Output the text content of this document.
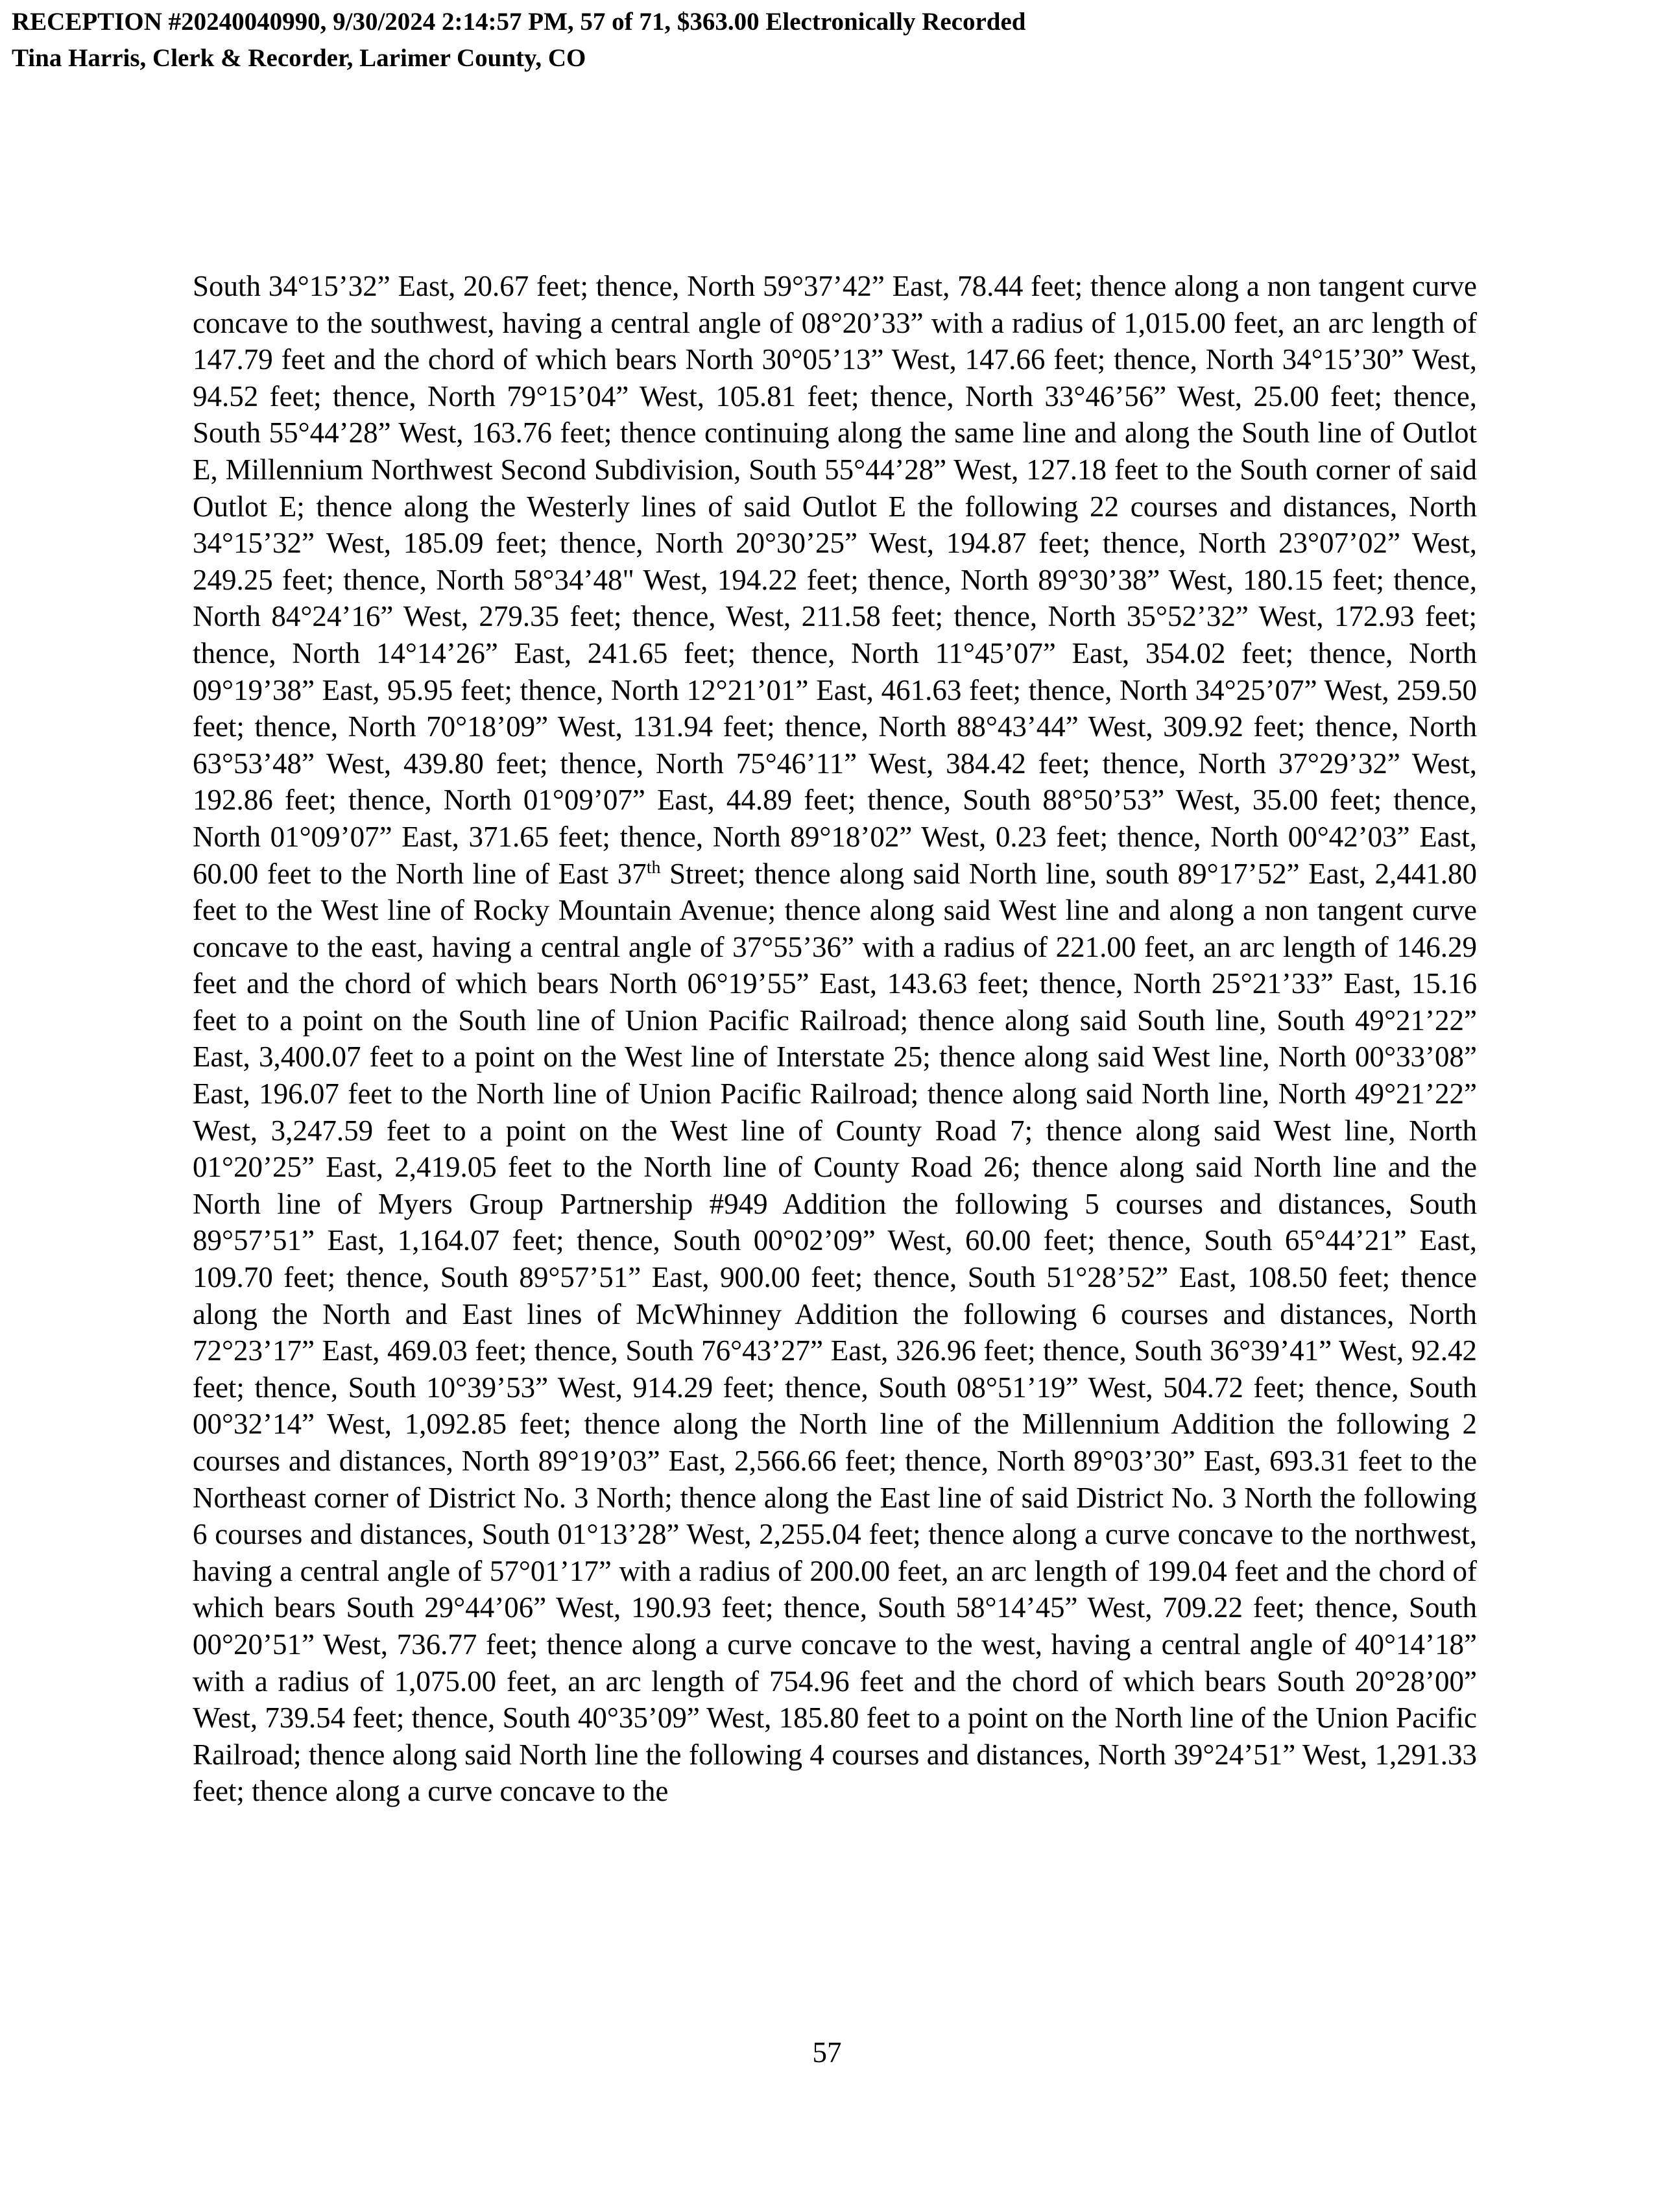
RECEPTION #20240040990, 9/30/2024 2:14:57 PM, 57 of 71, $363.00 Electronically Recorded
Tina Harris, Clerk & Recorder, Larimer County, CO

South 34°15’32” East, 20.67 feet; thence, North 59°37’42” East, 78.44 feet; thence along a non tangent curve concave to the southwest, having a central angle of 08°20’33” with a radius of 1,015.00 feet, an arc length of 147.79 feet and the chord of which bears North 30°05’13” West, 147.66 feet; thence, North 34°15’30” West, 94.52 feet; thence, North 79°15’04” West, 105.81 feet; thence, North 33°46’56” West, 25.00 feet; thence, South 55°44’28” West, 163.76 feet; thence continuing along the same line and along the South line of Outlot E, Millennium Northwest Second Subdivision, South 55°44’28” West, 127.18 feet to the South corner of said Outlot E; thence along the Westerly lines of said Outlot E the following 22 courses and distances, North 34°15’32” West, 185.09 feet; thence, North 20°30’25” West, 194.87 feet; thence, North 23°07’02” West, 249.25 feet; thence, North 58°34’48" West, 194.22 feet; thence, North 89°30’38” West, 180.15 feet; thence, North 84°24’16” West, 279.35 feet; thence, West, 211.58 feet; thence, North 35°52’32” West, 172.93 feet; thence, North 14°14’26” East, 241.65 feet; thence, North 11°45’07” East, 354.02 feet; thence, North 09°19’38” East, 95.95 feet; thence, North 12°21’01” East, 461.63 feet; thence, North 34°25’07” West, 259.50 feet; thence, North 70°18’09” West, 131.94 feet; thence, North 88°43’44” West, 309.92 feet; thence, North 63°53’48” West, 439.80 feet; thence, North 75°46’11” West, 384.42 feet; thence, North 37°29’32” West, 192.86 feet; thence, North 01°09’07” East, 44.89 feet; thence, South 88°50’53” West, 35.00 feet; thence, North 01°09’07” East, 371.65 feet; thence, North 89°18’02” West, 0.23 feet; thence, North 00°42’03” East, 60.00 feet to the North line of East 37th Street; thence along said North line, south 89°17’52” East, 2,441.80 feet to the West line of Rocky Mountain Avenue; thence along said West line and along a non tangent curve concave to the east, having a central angle of 37°55’36” with a radius of 221.00 feet, an arc length of 146.29 feet and the chord of which bears North 06°19’55” East, 143.63 feet; thence, North 25°21’33” East, 15.16 feet to a point on the South line of Union Pacific Railroad; thence along said South line, South 49°21’22” East, 3,400.07 feet to a point on the West line of Interstate 25; thence along said West line, North 00°33’08” East, 196.07 feet to the North line of Union Pacific Railroad; thence along said North line, North 49°21’22” West, 3,247.59 feet to a point on the West line of County Road 7; thence along said West line, North 01°20’25” East, 2,419.05 feet to the North line of County Road 26; thence along said North line and the North line of Myers Group Partnership #949 Addition the following 5 courses and distances, South 89°57’51” East, 1,164.07 feet; thence, South 00°02’09” West, 60.00 feet; thence, South 65°44’21” East, 109.70 feet; thence, South 89°57’51” East, 900.00 feet; thence, South 51°28’52” East, 108.50 feet; thence along the North and East lines of McWhinney Addition the following 6 courses and distances, North 72°23’17” East, 469.03 feet; thence, South 76°43’27” East, 326.96 feet; thence, South 36°39’41” West, 92.42 feet; thence, South 10°39’53” West, 914.29 feet; thence, South 08°51’19” West, 504.72 feet; thence, South 00°32’14” West, 1,092.85 feet; thence along the North line of the Millennium Addition the following 2 courses and distances, North 89°19’03” East, 2,566.66 feet; thence, North 89°03’30” East, 693.31 feet to the Northeast corner of District No. 3 North; thence along the East line of said District No. 3 North the following 6 courses and distances, South 01°13’28” West, 2,255.04 feet; thence along a curve concave to the northwest, having a central angle of 57°01’17” with a radius of 200.00 feet, an arc length of 199.04 feet and the chord of which bears South 29°44’06” West, 190.93 feet; thence, South 58°14’45” West, 709.22 feet; thence, South 00°20’51” West, 736.77 feet; thence along a curve concave to the west, having a central angle of 40°14’18” with a radius of 1,075.00 feet, an arc length of 754.96 feet and the chord of which bears South 20°28’00” West, 739.54 feet; thence, South 40°35’09” West, 185.80 feet to a point on the North line of the Union Pacific Railroad; thence along said North line the following 4 courses and distances, North 39°24’51” West, 1,291.33 feet; thence along a curve concave to the

57
